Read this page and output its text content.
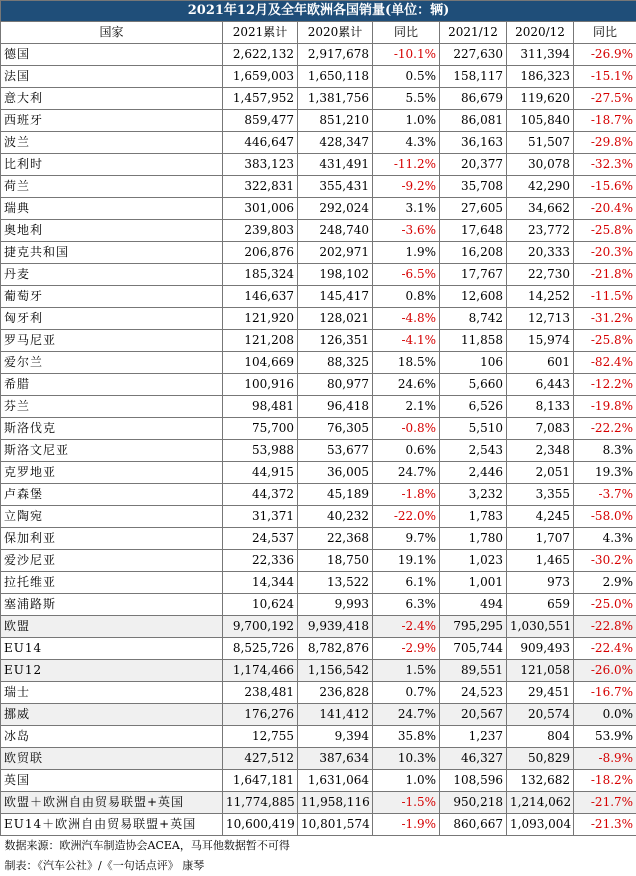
2021年12月及全年欧洲各国销量(单位：辆)						
国家	2021累计	2020累计	同比	2021/12	2020/12	同比
德国	2,622,132	2,917,678	-10.1%	227,630	311,394	-26.9%
法国	1,659,003	1,650,118	0.5%	158,117	186,323	-15.1%
意大利	1,457,952	1,381,756	5.5%	86,679	119,620	-27.5%
西班牙	859,477	851,210	1.0%	86,081	105,840	-18.7%
波兰	446,647	428,347	4.3%	36,163	51,507	-29.8%
比利时	383,123	431,491	-11.2%	20,377	30,078	-32.3%
荷兰	322,831	355,431	-9.2%	35,708	42,290	-15.6%
瑞典	301,006	292,024	3.1%	27,605	34,662	-20.4%
奥地利	239,803	248,740	-3.6%	17,648	23,772	-25.8%
捷克共和国	206,876	202,971	1.9%	16,208	20,333	-20.3%
丹麦	185,324	198,102	-6.5%	17,767	22,730	-21.8%
葡萄牙	146,637	145,417	0.8%	12,608	14,252	-11.5%
匈牙利	121,920	128,021	-4.8%	8,742	12,713	-31.2%
罗马尼亚	121,208	126,351	-4.1%	11,858	15,974	-25.8%
爱尔兰	104,669	88,325	18.5%	106	601	-82.4%
希腊	100,916	80,977	24.6%	5,660	6,443	-12.2%
芬兰	98,481	96,418	2.1%	6,526	8,133	-19.8%
斯洛伐克	75,700	76,305	-0.8%	5,510	7,083	-22.2%
斯洛文尼亚	53,988	53,677	0.6%	2,543	2,348	8.3%
克罗地亚	44,915	36,005	24.7%	2,446	2,051	19.3%
卢森堡	44,372	45,189	-1.8%	3,232	3,355	-3.7%
立陶宛	31,371	40,232	-22.0%	1,783	4,245	-58.0%
保加利亚	24,537	22,368	9.7%	1,780	1,707	4.3%
爱沙尼亚	22,336	18,750	19.1%	1,023	1,465	-30.2%
拉托维亚	14,344	13,522	6.1%	1,001	973	2.9%
塞浦路斯	10,624	9,993	6.3%	494	659	-25.0%
欧盟	9,700,192	9,939,418	-2.4%	795,295	1,030,551	-22.8%
EU14	8,525,726	8,782,876	-2.9%	705,744	909,493	-22.4%
EU12	1,174,466	1,156,542	1.5%	89,551	121,058	-26.0%
瑞士	238,481	236,828	0.7%	24,523	29,451	-16.7%
挪威	176,276	141,412	24.7%	20,567	20,574	0.0%
冰岛	12,755	9,394	35.8%	1,237	804	53.9%
欧贸联	427,512	387,634	10.3%	46,327	50,829	-8.9%
英国	1,647,181	1,631,064	1.0%	108,596	132,682	-18.2%
欧盟＋欧洲自由贸易联盟+英国	11,774,885	11,958,116	-1.5%	950,218	1,214,062	-21.7%
EU14＋欧洲自由贸易联盟+英国	10,600,419	10,801,574	-1.9%	860,667	1,093,004	-21.3%
数据来源：欧洲汽车制造协会ACEA，马耳他数据暂不可得						
制表：《汽车公社》/《一句话点评》 康琴						
